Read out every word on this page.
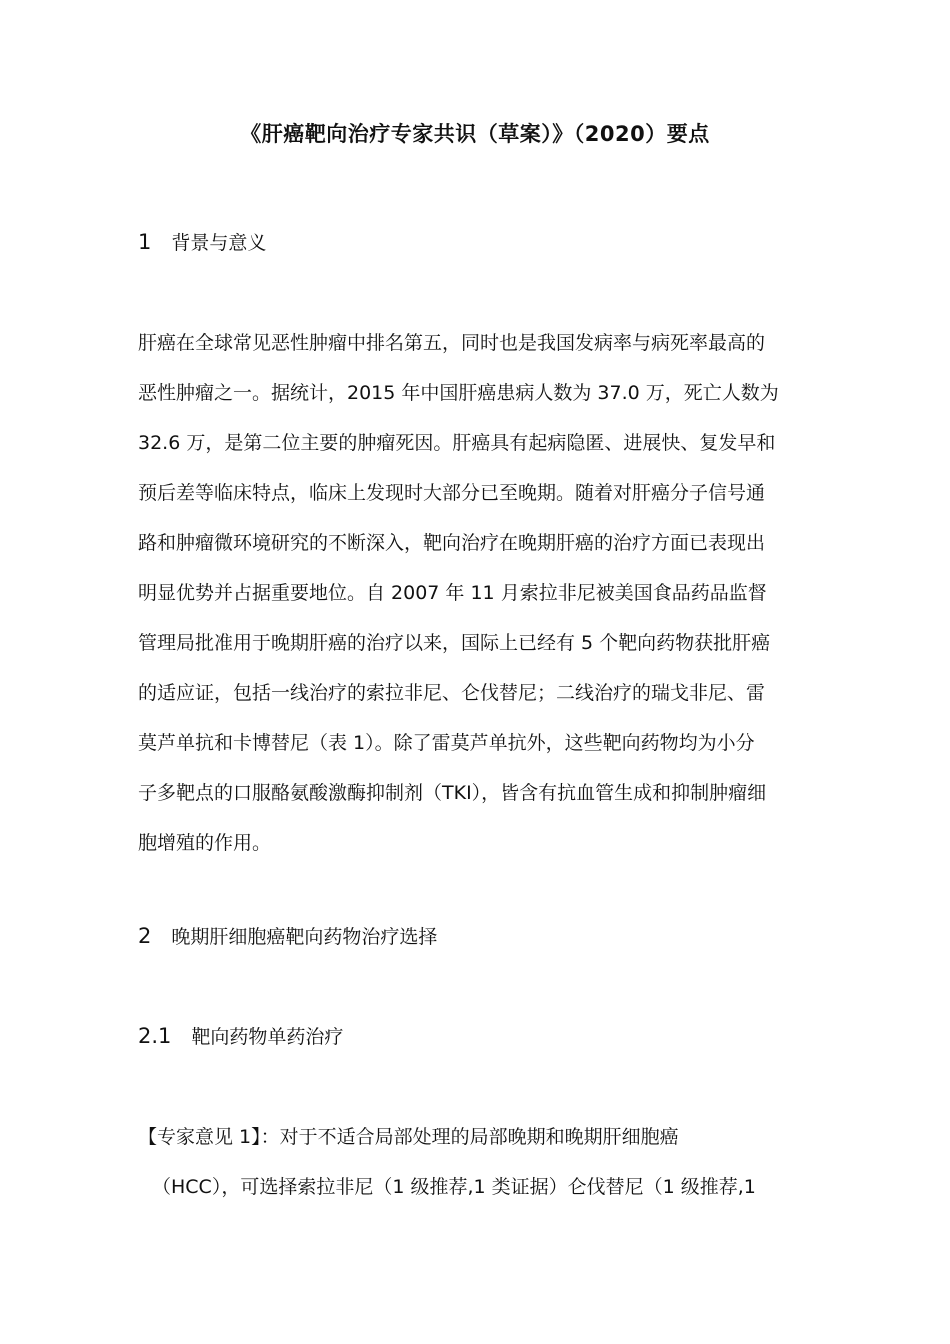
《肝癌靶向治疗专家共识（草案）》（2020）要点
1 背景与意义

肝癌在全球常见恶性肿瘤中排名第五，同时也是我国发病率与病死率最高的
恶性肿瘤之一。据统计，2015 年中国肝癌患病人数为 37.0 万，死亡人数为
32.6 万，是第二位主要的肿瘤死因。肝癌具有起病隐匿、进展快、复发早和
预后差等临床特点，临床上发现时大部分已至晚期。随着对肝癌分子信号通
路和肿瘤微环境研究的不断深入，靶向治疗在晚期肝癌的治疗方面已表现出
明显优势并占据重要地位。自 2007 年 11 月索拉非尼被美国食品药品监督
管理局批准用于晚期肝癌的治疗以来，国际上已经有 5 个靶向药物获批肝癌
的适应证，包括一线治疗的索拉非尼、仑伐替尼；二线治疗的瑞戈非尼、雷
莫芦单抗和卡博替尼（表 1）。除了雷莫芦单抗外，这些靶向药物均为小分
子多靶点的口服酪氨酸激酶抑制剂（TKI），皆含有抗血管生成和抑制肿瘤细
胞增殖的作用。

2 晚期肝细胞癌靶向药物治疗选择
2.1 靶向药物单药治疗
【专家意见 1】：对于不适合局部处理的局部晚期和晚期肝细胞癌
（HCC），可选择索拉非尼（1 级推荐,1 类证据）仑伐替尼（1 级推荐,1
